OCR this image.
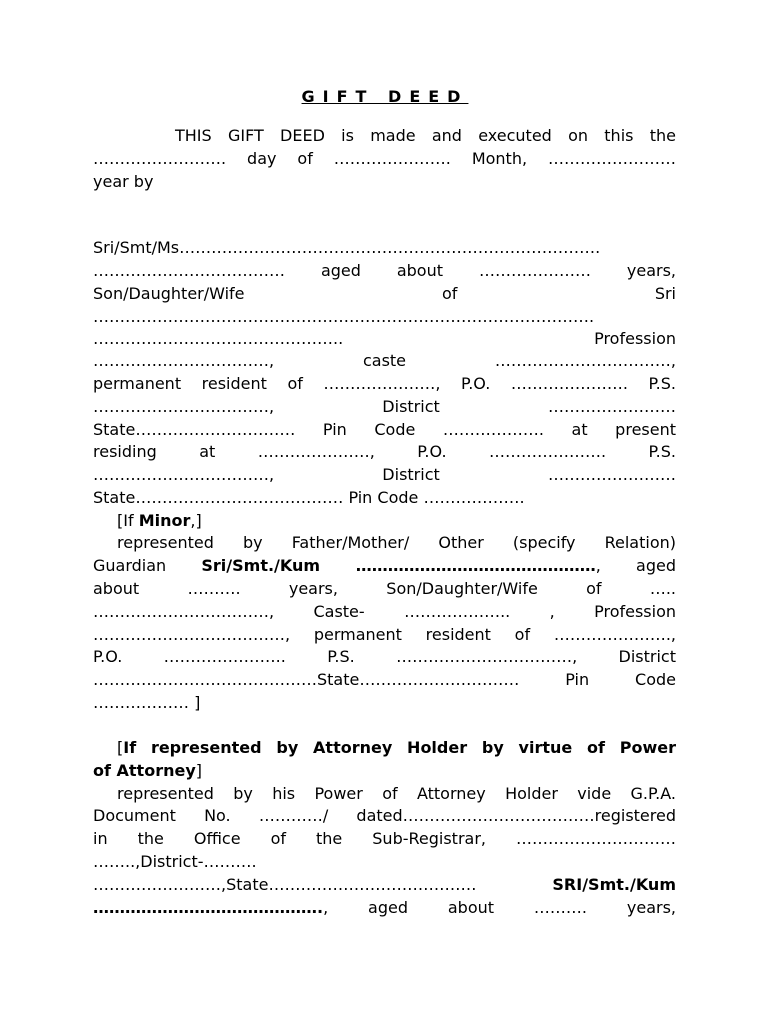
GIFT DEED
THIS GIFT DEED is made and executed on this the
……………………. day of …………………. Month, ……………………
year by
Sri/Smt/Ms…………………………………………………………………….
……………………………… aged about ………………… years,
Son/Daughter/Wife of Sri
………………………………………………………………………………….
……………………………………….. Profession
……………………………, caste ……………………………,
permanent resident of …………………, P.O. …………………. P.S.
……………………………, District ……………………
State………………………… Pin Code ………………. at present
residing at …………………, P.O. …………………. P.S.
……………………………, District ……………………
State………………………………… Pin Code ……………….
[If Minor,]
represented by Father/Mother/ Other (specify Relation)
Guardian Sri/Smt./Kum ………………………………………, aged
about ………. years, Son/Daughter/Wife of …..
……………………………, Caste- ……………….. , Profession
………………………………, permanent resident of ………………….,
P.O. ………………….. P.S. ……………………………, District
……………………………………State………………………… Pin Code
……………… ]
[If represented by Attorney Holder by virtue of Power
of Attorney]
represented by his Power of Attorney Holder vide G.P.A.
Document No. …………/ dated………………………………registered
in the Office of the Sub-Registrar, …………………………
……..,District-……….
……………………,State………………………………… SRI/Smt./Kum
……………………………………., aged about ………. years,
